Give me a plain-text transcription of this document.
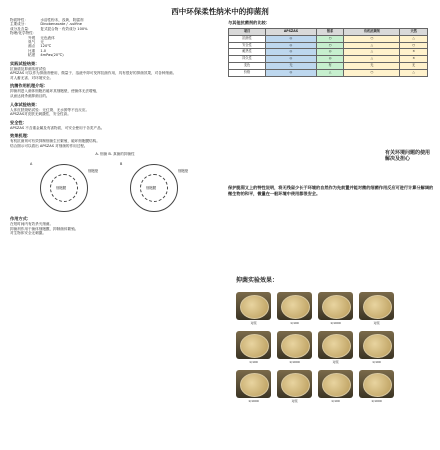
西中环保柔性纳米中的抑菌剂
物质特性：	水溶性粉末，浅黄，防腐剂
主要成分：	Dinobenzoate / -sulfine
成分及含量：	复式混合物 · 有效成分 100%
物理/化学特性：	
外观	无色液体
臭气	无
沸点	120℃
比重	1.0
粘度	4mPas(20℃)
实践试验结果：
抗菌谱及抑菌浓度试验
APSZAS 可以作为抑菌剂使用，微量于、溶液中即可发挥抗菌作用，具有很好的抑菌效果，对各种细菌。
对人畜无害、对环境安全。
抗菌作用机理介绍：
抑菌剂进入菌体细胞后破坏其细胞壁，使菌体无法增殖，
从而达到杀菌抑菌目的。
人体试验结果：
人体皮肤斑贴试验：无红斑、无水肿等不良反应。
APSZAS对皮肤无刺激性，安全性高。
安全性：
APSZAS 不含重金属及有害物质，可安全使用于各类产品。
效果机理：
有机抗菌剂可有效抑制细菌生长繁殖，破坏细胞膜结构。
结合图示可以看出 APSZAS 对细菌的作用过程。
A. 细菌 B. 真菌的抑菌性
A
细胞壁
细胞膜
B
细胞壁
细胞膜
作用方式：
在短时间内有效杀灭细菌。
抑菌剂作用于菌体细胞膜，抑制菌体繁殖。
对生物体安全无刺激。
与其他抗菌剂的比较：
项目	APSZAS	银系	有机抗菌剂	天然
抗菌性	◎	○	○	△
安全性	◎	○	△	○
耐热性	◎	◎	△	×
持久性	◎	◎	△	×
变色	无	有	无	无
价格	◎	△	○	△
有关环境问题的使用解决及担心
保护脆弱又上的特性说明，将无残留少长于环境的自然作为先前置并能对菌的细菌作用反应可进行计算分解调的微生物的和平，微量在一般环境中使用都很安全。
抑菌实验效果：
对照	1/100	1/1000	对照
1/100	1/1000	对照	1/100
1/1000	对照	1/100	1/1000
